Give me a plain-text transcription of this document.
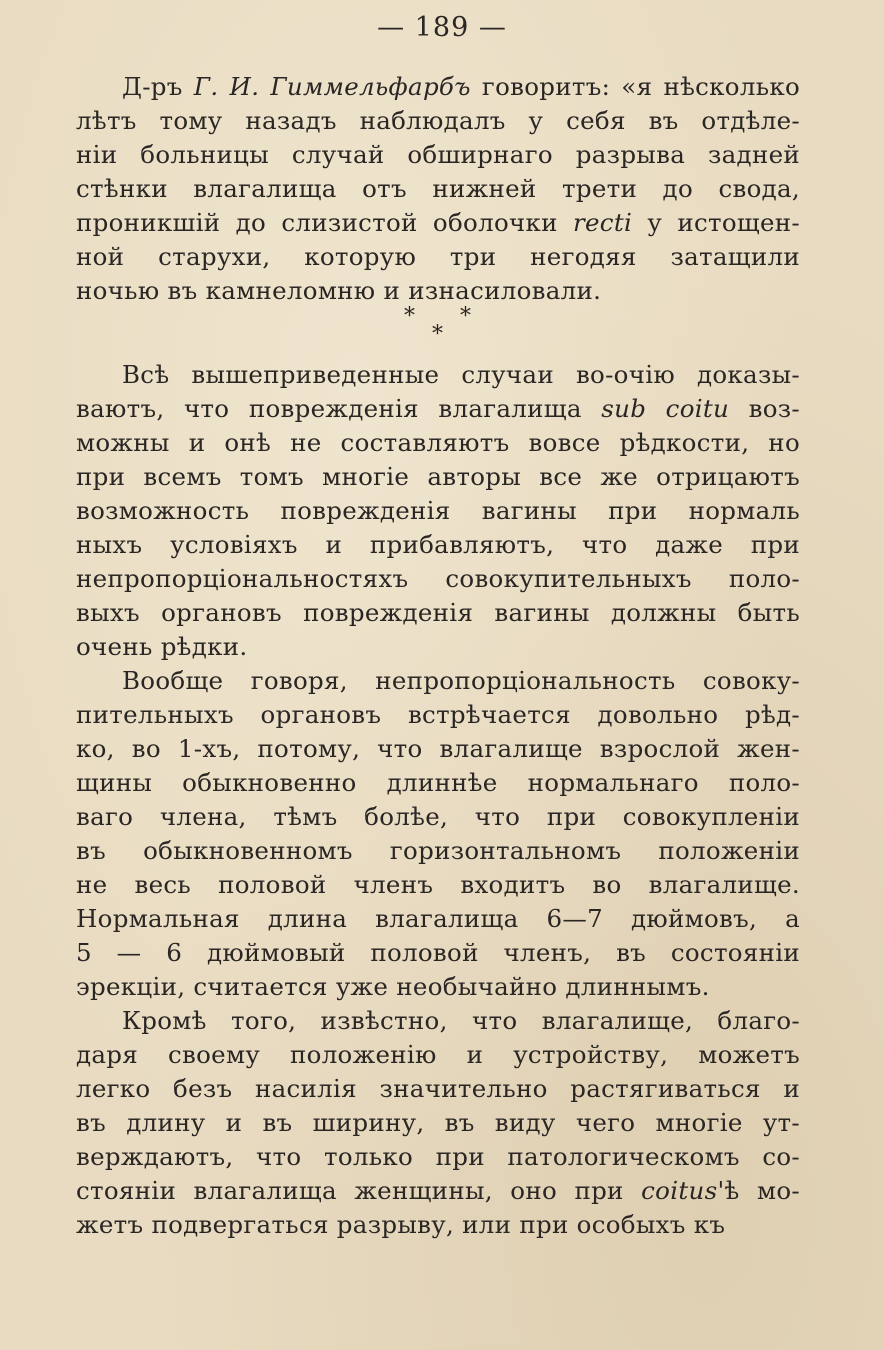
— 189 —
Д-ръ Г. И. Гиммельфарбъ говоритъ: «я нѣсколько
лѣтъ тому назадъ наблюдалъ у себя въ отдѣле-
нiи больницы случай обширнаго разрыва задней
стѣнки влагалища отъ нижней трети до свода,
проникшiй до слизистой оболочки recti у истощен-
ной старухи, которую три негодяя затащили
ночью въ камнеломню и изнасиловали.
* *
*
Всѣ вышеприведенные случаи во-очiю доказы-
ваютъ, что поврежденiя влагалища sub coitu воз-
можны и онѣ не составляютъ вовсе рѣдкости, но
при всемъ томъ многiе авторы все же отрицаютъ
возможность поврежденiя вагины при нормаль
ныхъ условiяхъ и прибавляютъ, что даже при
непропорцiональностяхъ совокупительныхъ поло-
выхъ органовъ поврежденiя вагины должны быть
очень рѣдки.
Вообще говоря, непропорцiональность совоку-
пительныхъ органовъ встрѣчается довольно рѣд-
ко, во 1-хъ, потому, что влагалище взрослой жен-
щины обыкновенно длиннѣе нормальнаго поло-
ваго члена, тѣмъ болѣе, что при совокупленiи
въ обыкновенномъ горизонтальномъ положенiи
не весь половой членъ входитъ во влагалище.
Нормальная длина влагалища 6—7 дюймовъ, а
5 — 6 дюймовый половой членъ, въ состоянiи
эрекцiи, считается уже необычайно длиннымъ.
Кромѣ того, извѣстно, что влагалище, благо-
даря своему положенiю и устройству, можетъ
легко безъ насилiя значительно растягиваться и
въ длину и въ ширину, въ виду чего многiе ут-
верждаютъ, что только при патологическомъ со-
стоянiи влагалища женщины, оно при coitus'ѣ мо-
жетъ подвергаться разрыву, или при особыхъ къ
